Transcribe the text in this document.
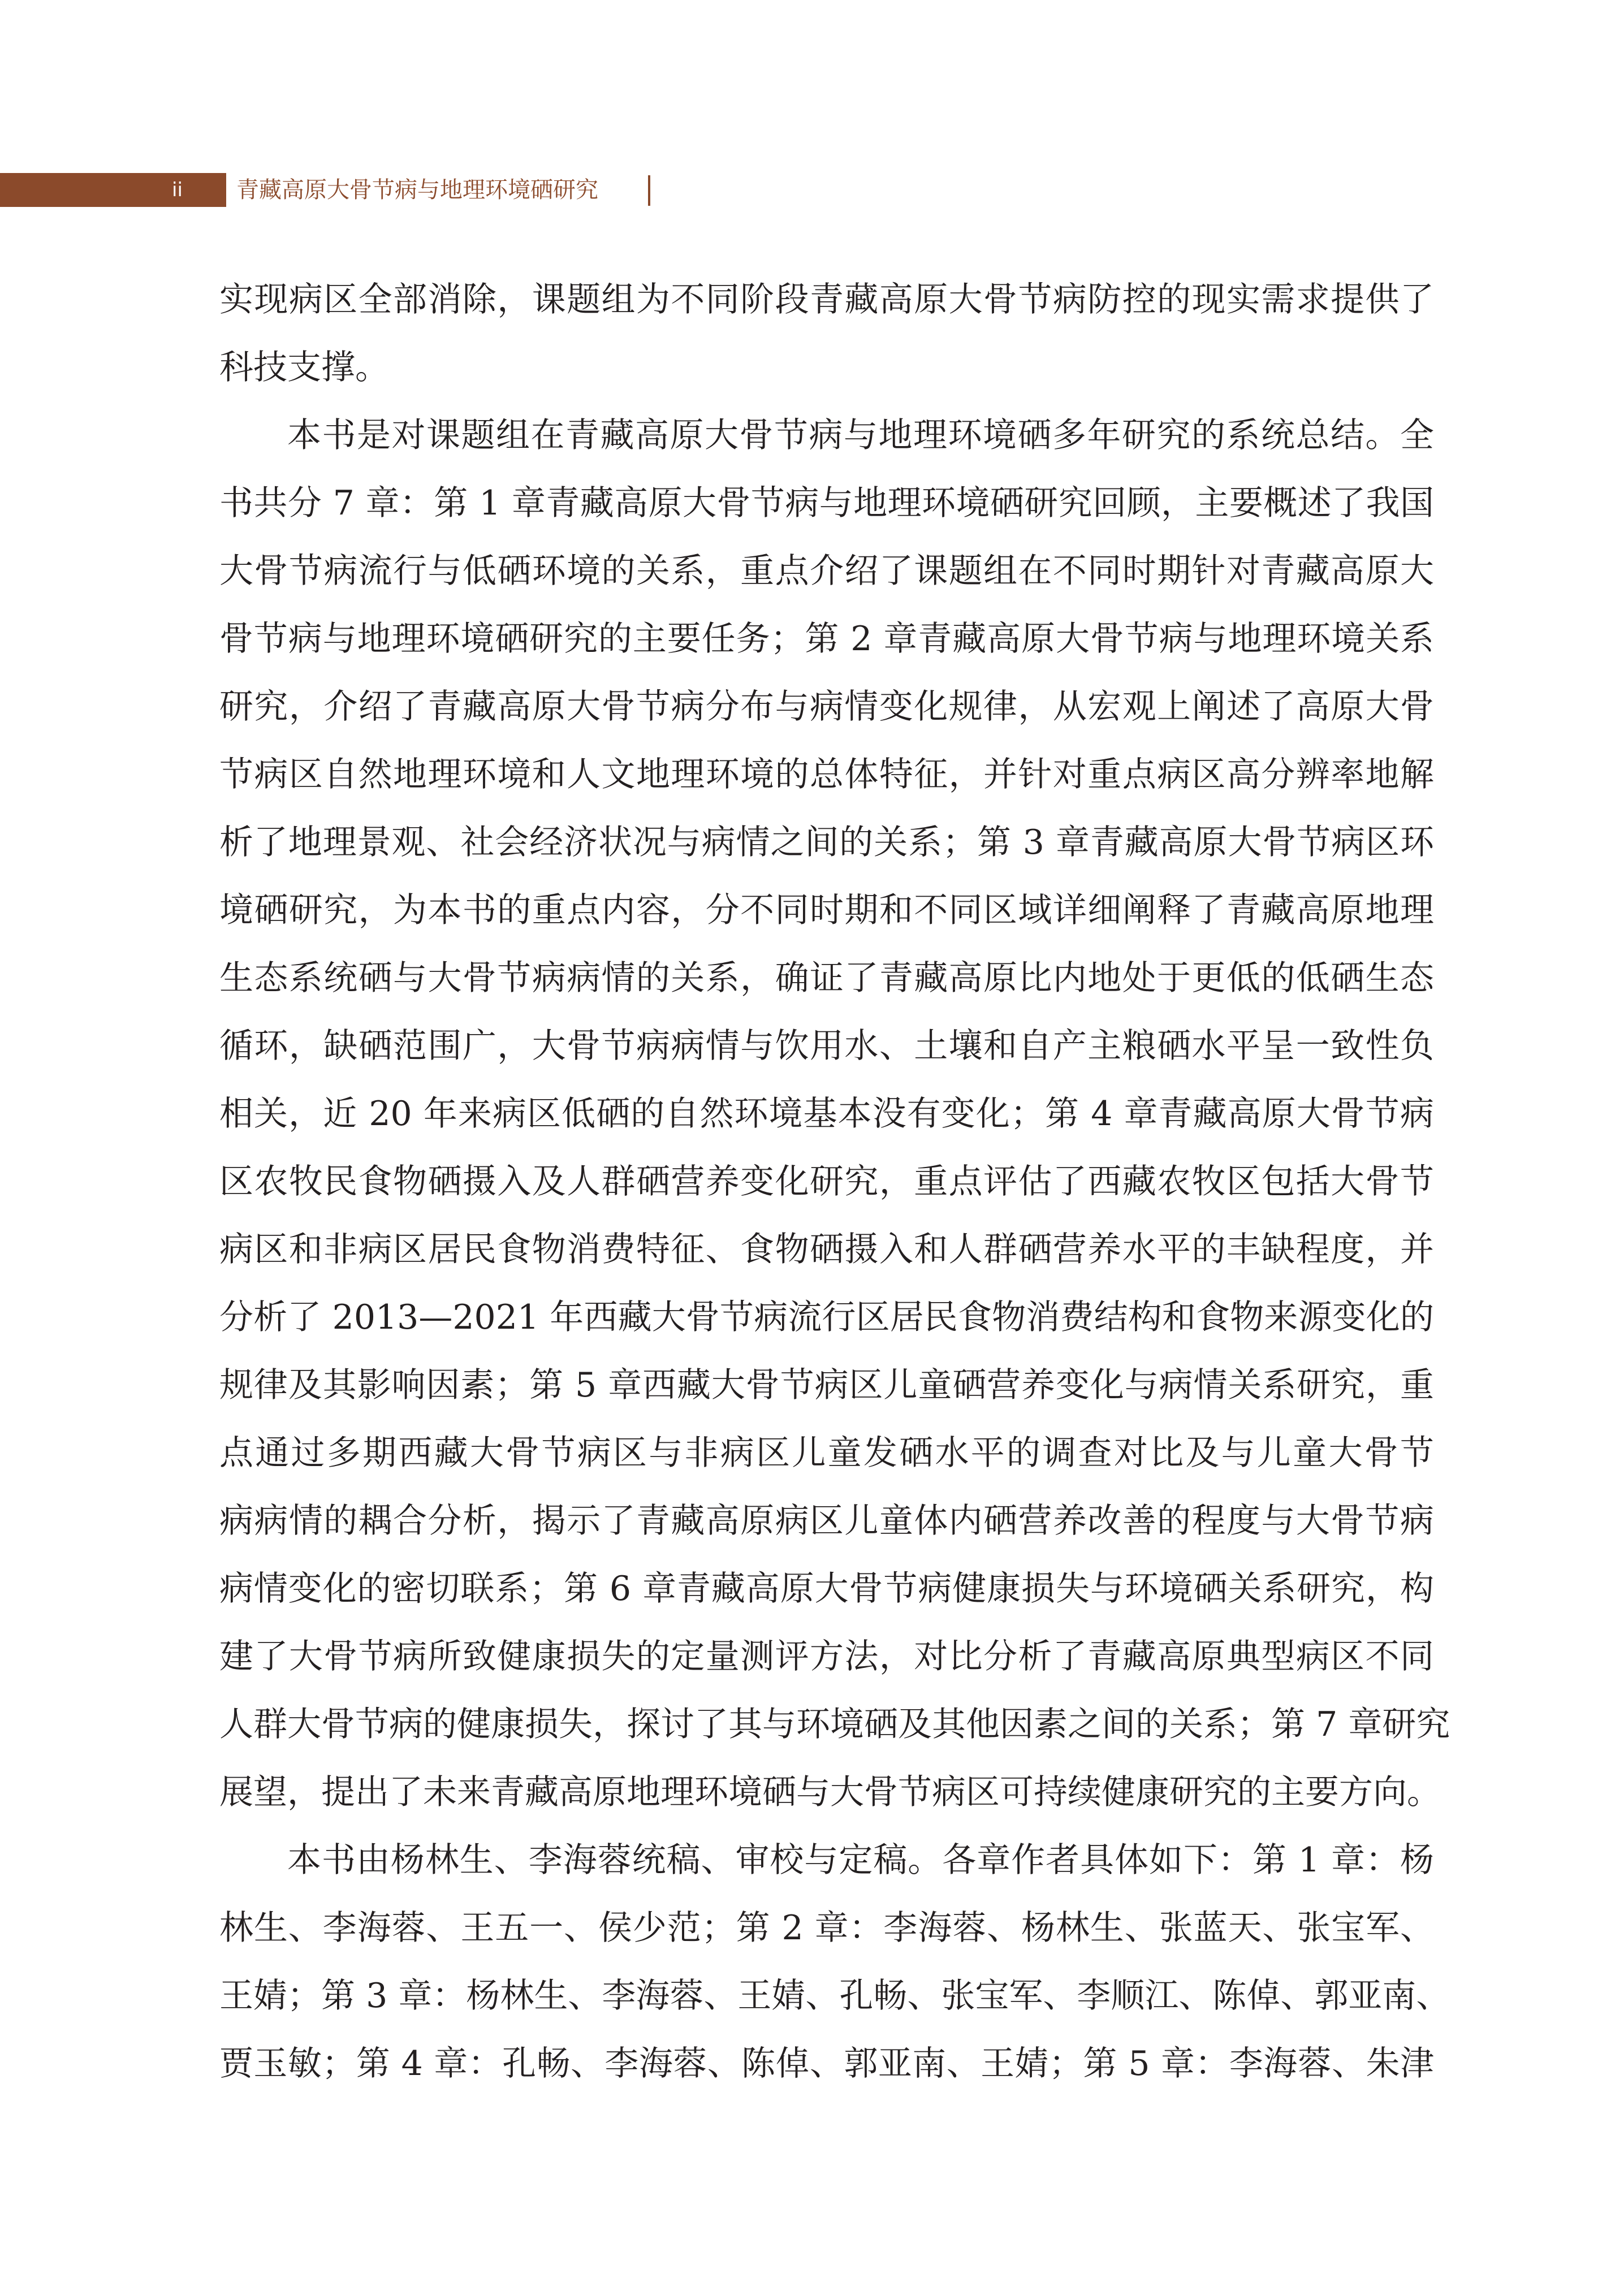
ii 青藏高原大骨节病与地理环境硒研究
实现病区全部消除，课题组为不同阶段青藏高原大骨节病防控的现实需求提供了
科技支撑。
本书是对课题组在青藏高原大骨节病与地理环境硒多年研究的系统总结。全
书共分 7 章：第 1 章青藏高原大骨节病与地理环境硒研究回顾，主要概述了我国
大骨节病流行与低硒环境的关系，重点介绍了课题组在不同时期针对青藏高原大
骨节病与地理环境硒研究的主要任务；第 2 章青藏高原大骨节病与地理环境关系
研究，介绍了青藏高原大骨节病分布与病情变化规律，从宏观上阐述了高原大骨
节病区自然地理环境和人文地理环境的总体特征，并针对重点病区高分辨率地解
析了地理景观、社会经济状况与病情之间的关系；第 3 章青藏高原大骨节病区环
境硒研究，为本书的重点内容，分不同时期和不同区域详细阐释了青藏高原地理
生态系统硒与大骨节病病情的关系，确证了青藏高原比内地处于更低的低硒生态
循环，缺硒范围广，大骨节病病情与饮用水、土壤和自产主粮硒水平呈一致性负
相关，近 20 年来病区低硒的自然环境基本没有变化；第 4 章青藏高原大骨节病
区农牧民食物硒摄入及人群硒营养变化研究，重点评估了西藏农牧区包括大骨节
病区和非病区居民食物消费特征、食物硒摄入和人群硒营养水平的丰缺程度，并
分析了 2013—2021 年西藏大骨节病流行区居民食物消费结构和食物来源变化的
规律及其影响因素；第 5 章西藏大骨节病区儿童硒营养变化与病情关系研究，重
点通过多期西藏大骨节病区与非病区儿童发硒水平的调查对比及与儿童大骨节
病病情的耦合分析，揭示了青藏高原病区儿童体内硒营养改善的程度与大骨节病
病情变化的密切联系；第 6 章青藏高原大骨节病健康损失与环境硒关系研究，构
建了大骨节病所致健康损失的定量测评方法，对比分析了青藏高原典型病区不同
人群大骨节病的健康损失，探讨了其与环境硒及其他因素之间的关系；第 7 章研究
展望，提出了未来青藏高原地理环境硒与大骨节病区可持续健康研究的主要方向。
本书由杨林生、李海蓉统稿、审校与定稿。各章作者具体如下：第 1 章：杨
林生、李海蓉、王五一、侯少范；第 2 章：李海蓉、杨林生、张蓝天、张宝军、
王婧；第 3 章：杨林生、李海蓉、王婧、孔畅、张宝军、李顺江、陈倬、郭亚南、
贾玉敏；第 4 章：孔畅、李海蓉、陈倬、郭亚南、王婧；第 5 章：李海蓉、朱津
